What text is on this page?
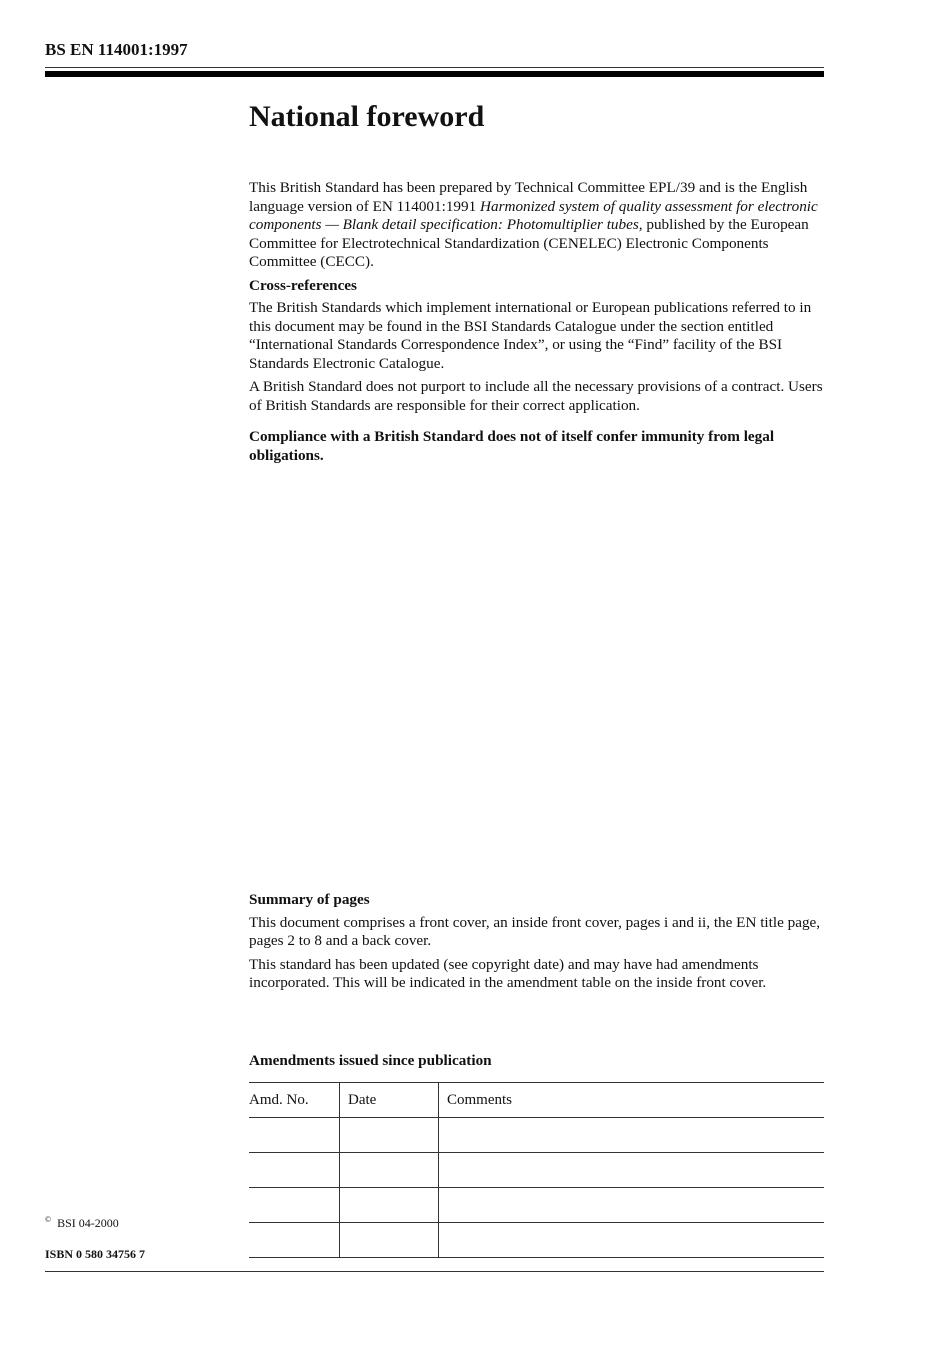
BS EN 114001:1997
National foreword

This British Standard has been prepared by Technical Committee EPL/39 and is the English language version of EN 114001:1991 Harmonized system of quality assessment for electronic components — Blank detail specification: Photomultiplier tubes, published by the European Committee for Electrotechnical Standardization (CENELEC) Electronic Components Committee (CECC).

Cross-references

The British Standards which implement international or European publications referred to in this document may be found in the BSI Standards Catalogue under the section entitled “International Standards Correspondence Index”, or using the “Find” facility of the BSI Standards Electronic Catalogue.

A British Standard does not purport to include all the necessary provisions of a contract. Users of British Standards are responsible for their correct application.

Compliance with a British Standard does not of itself confer immunity from legal obligations.

Summary of pages

This document comprises a front cover, an inside front cover, pages i and ii, the EN title page, pages 2 to 8 and a back cover.

This standard has been updated (see copyright date) and may have had amendments incorporated. This will be indicated in the amendment table on the inside front cover.

Amendments issued since publication
Amd. No.	Date	Comments

© BSI 04-2000
ISBN 0 580 34756 7
